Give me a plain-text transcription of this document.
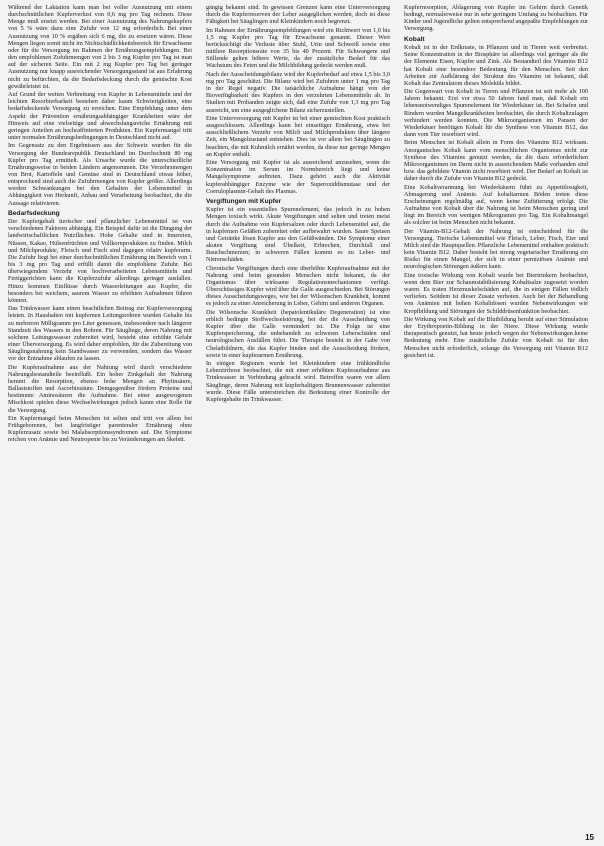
Während der Laktation kann man bei voller Ausnutzung mit einem durchschnittlichen Kupferverlust von 0,6 mg pro Tag rechnen. Diese Menge muß ersetzt werden. Bei einer Ausnutzung des Nahrungskupfers von 5 % wäre dazu eine Zufuhr von 12 mg erforderlich. Bei einer Ausnutzung von 10 % ergäben sich 6 mg, die zu ersetzen wären. Diese Mengen liegen somit nicht im Nichtschädlichkeitsbereich für Erwachsene oder für die Versorgung im Rahmen der Ernährungsempfehlungen. Bei den empfohlenen Zufuhrmengen von 2 bis 3 mg Kupfer pro Tag ist man auf der sicheren Seite. Ein mit 2 mg Kupfer pro Tag bei geringer Ausnutzung nur knapp ausreichender Versorgungsstand ist aus Erfahrung nicht zu befürchten, da die Bedarfsdeckung durch die gemischte Kost gewährleistet ist.

Auf Grund der weiten Verbreitung von Kupfer in Lebensmitteln und der leichten Resorbierbarkeit bestehen daher kaum Schwierigkeiten, eine bedarfsdeckende Versorgung zu erreichen. Eine Empfehlung unter dem Aspekt der Prävention ernährungsabhängiger Krankheiten wäre der Hinweis auf eine vielseitige und abwechslungsreiche Ernährung mit geringen Anteilen an hochraffinierten Produkten. Ein Kupfermangel tritt unter normalen Ernährungsbedingungen in Deutschland nicht auf.

Im Gegensatz zu den Ergebnissen aus der Schweiz wurden für die Versorgung der Bundesrepublik Deutschland im Durchschnitt 80 mg Kupfer pro Tag ermittelt. Als Ursache wurde die unterschiedliche Ernährungsweise in beiden Ländern angenommen. Die Verzehrsmengen von Brot, Kartoffeln und Gemüse sind in Deutschland etwas höher, entsprechend sind auch die Zufuhrmengen von Kupfer größer. Allerdings werden Schwankungen bei den Gehalten der Lebensmittel in Abhängigkeit von Herkunft, Anbau und Verarbeitung beobachtet, die die Aussage relativieren.

Bedarfsdeckung

Der Kupfergehalt tierischer und pflanzlicher Lebensmittel ist von verschiedenen Faktoren abhängig. Ein Beispiel dafür ist die Düngung der landwirtschaftlichen Nutzflächen. Hohe Gehalte sind in Innereien, Nüssen, Kakao, Hülsenfrüchten und Vollkornprodukten zu finden. Milch und Milchprodukte, Fleisch und Fisch sind dagegen relativ kupferarm. Die Zufuhr liegt bei einer durchschnittlichen Ernährung im Bereich von 1 bis 3 mg pro Tag und erfüllt damit die empfohlene Zufuhr. Bei überwiegendem Verzehr von hochverarbeiteten Lebensmitteln und Fertiggerichten kann die Kupferzufuhr allerdings geringer ausfallen. Hinzu kommen Einflüsse durch Wasserleitungen aus Kupfer, die besonders bei weichem, saurem Wasser zu erhöhten Aufnahmen führen können.

Das Trinkwasser kann einen beachtlichen Beitrag zur Kupferversorgung leisten. In Haushalten mit kupfernen Leitungsrohren wurden Gehalte bis zu mehreren Milligramm pro Liter gemessen, insbesondere nach längerer Standzeit des Wassers in den Rohren. Für Säuglinge, deren Nahrung mit solchem Leitungswasser zubereitet wird, besteht eine erhöhte Gefahr einer Überversorgung. Es wird daher empfohlen, für die Zubereitung von Säuglingsnahrung kein Standwasser zu verwenden, sondern das Wasser vor der Entnahme ablaufen zu lassen.

Die Kupferaufnahme aus der Nahrung wird durch verschiedene Nahrungsbestandteile beeinflußt. Ein hoher Zinkgehalt der Nahrung hemmt die Resorption, ebenso hohe Mengen an Phytinsäure, Ballaststoffen und Ascorbinsäure. Demgegenüber fördern Proteine und bestimmte Aminosäuren die Aufnahme. Bei einer ausgewogenen Mischkost spielen diese Wechselwirkungen jedoch kaum eine Rolle für die Versorgung.

Ein Kupfermangel beim Menschen ist selten und tritt vor allem bei Frühgeborenen, bei langfristiger parenteraler Ernährung ohne Kupferzusatz sowie bei Malabsorptionssyndromen auf. Die Symptome reichen von Anämie und Neutropenie bis zu Veränderungen am Skelett.

gängig bekannt sind. In gewissen Grenzen kann eine Unterversorgung durch die Kupferreserven der Leber ausgeglichen werden, doch ist diese Fähigkeit bei Säuglingen und Kleinkindern noch begrenzt.

Im Rahmen der Ernährungsempfehlungen wird ein Richtwert von 1,0 bis 1,5 mg Kupfer pro Tag für Erwachsene genannt. Dieser Wert berücksichtigt die Verluste über Stuhl, Urin und Schweiß sowie eine mittlere Resorptionsrate von 35 bis 40 Prozent. Für Schwangere und Stillende gelten höhere Werte, da der zusätzliche Bedarf für das Wachstum des Feten und die Milchbildung gedeckt werden muß.

Nach der Ausscheidungsbilanz wird der Kupferbedarf auf etwa 1,5 bis 3,0 mg pro Tag geschätzt. Die Bilanz wird bei Zufuhren unter 1 mg pro Tag in der Regel negativ. Die tatsächliche Aufnahme hängt von der Bioverfügbarkeit des Kupfers in den verzehrten Lebensmitteln ab. In Studien mit Probanden zeigte sich, daß eine Zufuhr von 1,3 mg pro Tag ausreicht, um eine ausgeglichene Bilanz sicherzustellen.

Eine Unterversorgung mit Kupfer ist bei einer gemischten Kost praktisch ausgeschlossen. Allerdings kann bei einseitiger Ernährung, etwa bei ausschließlichem Verzehr von Milch und Milchprodukten über längere Zeit, ein Mangelzustand entstehen. Dies ist vor allem bei Säuglingen zu beachten, die mit Kuhmilch ernährt werden, da diese nur geringe Mengen an Kupfer enthält.

Eine Versorgung mit Kupfer ist als ausreichend anzusehen, wenn die Konzentration im Serum im Normbereich liegt und keine Mangelsymptome auftreten. Dazu gehört auch die Aktivität kupferabhängiger Enzyme wie der Superoxiddismutase und der Coeruloplasmin-Gehalt des Plasmas.

Vergiftungen mit Kupfer

Kupfer ist ein essentielles Spurenelement, das jedoch in zu hohen Mengen toxisch wirkt. Akute Vergiftungen sind selten und treten meist durch die Aufnahme von Kupfersalzen oder durch Lebensmittel auf, die in kupfernen Gefäßen zubereitet oder aufbewahrt wurden. Saure Speisen und Getränke lösen Kupfer aus den Gefäßwänden. Die Symptome einer akuten Vergiftung sind Übelkeit, Erbrechen, Durchfall und Bauchschmerzen; in schweren Fällen kommt es zu Leber- und Nierenschäden.

Chronische Vergiftungen durch eine überhöhte Kupferaufnahme mit der Nahrung sind beim gesunden Menschen nicht bekannt, da der Organismus über wirksame Regulationsmechanismen verfügt. Überschüssiges Kupfer wird über die Galle ausgeschieden. Bei Störungen dieses Ausscheidungsweges, wie bei der Wilsonschen Krankheit, kommt es jedoch zu einer Anreicherung in Leber, Gehirn und anderen Organen.

Die Wilsonsche Krankheit (hepatolentikuläre Degeneration) ist eine erblich bedingte Stoffwechselstörung, bei der die Ausscheidung von Kupfer über die Galle vermindert ist. Die Folge ist eine Kupferspeicherung, die unbehandelt zu schweren Leberschäden und neurologischen Ausfällen führt. Die Therapie besteht in der Gabe von Chelatbildnern, die das Kupfer binden und die Ausscheidung fördern, sowie in einer kupferarmen Ernährung.

In einigen Regionen wurde bei Kleinkindern eine frühkindliche Leberzirrhose beobachtet, die mit einer erhöhten Kupferaufnahme aus Trinkwasser in Verbindung gebracht wird. Betroffen waren vor allem Säuglinge, deren Nahrung mit kupferhaltigem Brunnenwasser zubereitet wurde. Diese Fälle unterstreichen die Bedeutung einer Kontrolle der Kupfergehalte im Trinkwasser.

Kupferresorption, Ablagerung von Kupfer im Gehirn durch Genetik bedingt, normalerweise nur in sehr geringem Umfang zu beobachten. Für Kinder und Jugendliche gelten entsprechend angepaßte Empfehlungen zur Versorgung.

Kobalt

Kobalt ist in der Erdkruste, in Pflanzen und in Tieren weit verbreitet. Seine Konzentration in der Biosphäre ist allerdings viel geringer als die der Elemente Eisen, Kupfer und Zink. Als Bestandteil des Vitamins B12 hat Kobalt eine besondere Bedeutung für den Menschen. Seit den Arbeiten zur Aufklärung der Struktur des Vitamins ist bekannt, daß Kobalt das Zentralatom dieses Moleküls bildet.

Die Gegenwart von Kobalt in Tieren und Pflanzen ist seit mehr als 100 Jahren bekannt. Erst vor etwa 50 Jahren fand man, daß Kobalt ein lebensnotwendiges Spurenelement für Wiederkäuer ist. Bei Schafen und Rindern wurden Mangelkrankheiten beobachtet, die durch Kobaltzulagen verhindert werden konnten. Die Mikroorganismen im Pansen der Wiederkäuer benötigen Kobalt für die Synthese von Vitamin B12, das dann vom Tier resorbiert wird.

Beim Menschen ist Kobalt allein in Form des Vitamins B12 wirksam. Anorganisches Kobalt kann vom menschlichen Organismus nicht zur Synthese des Vitamins genutzt werden, da die dazu erforderlichen Mikroorganismen im Darm nicht in ausreichendem Maße vorhanden sind bzw. das gebildete Vitamin nicht resorbiert wird. Der Bedarf an Kobalt ist daher durch die Zufuhr von Vitamin B12 gedeckt.

Eine Kobaltverarmung bei Wiederkäuern führt zu Appetitlosigkeit, Abmagerung und Anämie. Auf kobaltarmen Böden treten diese Erscheinungen regelmäßig auf, wenn keine Zufütterung erfolgt. Die Aufnahme von Kobalt über die Nahrung ist beim Menschen gering und liegt im Bereich von wenigen Mikrogramm pro Tag. Ein Kobaltmangel als solcher ist beim Menschen nicht bekannt.

Der Vitamin-B12-Gehalt der Nahrung ist entscheidend für die Versorgung. Tierische Lebensmittel wie Fleisch, Leber, Fisch, Eier und Milch sind die Hauptquellen. Pflanzliche Lebensmittel enthalten praktisch kein Vitamin B12. Daher besteht bei streng vegetarischer Ernährung ein Risiko für einen Mangel, der sich in einer perniziösen Anämie und neurologischen Störungen äußern kann.

Eine toxische Wirkung von Kobalt wurde bei Biertrinkern beobachtet, wenn dem Bier zur Schaumstabilisierung Kobaltsalze zugesetzt worden waren. Es traten Herzmuskelschäden auf, die in einigen Fällen tödlich verliefen. Seitdem ist dieser Zusatz verboten. Auch bei der Behandlung von Anämien mit hohen Kobaltdosen wurden Nebenwirkungen wie Kropfbildung und Störungen der Schilddrüsenfunktion beobachtet.

Die Wirkung von Kobalt auf die Blutbildung beruht auf einer Stimulation der Erythropoetin-Bildung in der Niere. Diese Wirkung wurde therapeutisch genutzt, hat heute jedoch wegen der Nebenwirkungen keine Bedeutung mehr. Eine zusätzliche Zufuhr von Kobalt ist für den Menschen nicht erforderlich, solange die Versorgung mit Vitamin B12 gesichert ist.

15
